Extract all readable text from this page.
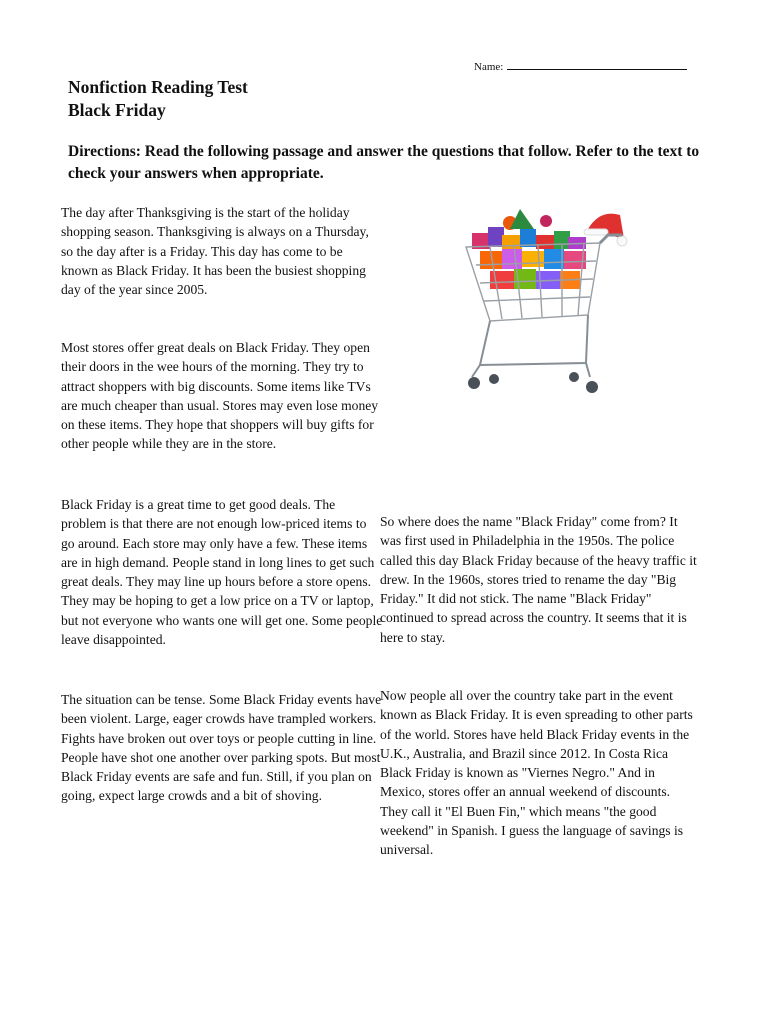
Name:
Nonfiction Reading Test
Black Friday
Directions: Read the following passage and answer the questions that follow. Refer to the text to check your answers when appropriate.

The day after Thanksgiving is the start of the holiday shopping season. Thanksgiving is always on a Thursday, so the day after is a Friday. This day has come to be known as Black Friday. It has been the busiest shopping day of the year since 2005.

Most stores offer great deals on Black Friday. They open their doors in the wee hours of the morning. They try to attract shoppers with big discounts. Some items like TVs are much cheaper than usual. Stores may even lose money on these items. They hope that shoppers will buy gifts for other people while they are in the store.

Black Friday is a great time to get good deals. The problem is that there are not enough low-priced items to go around. Each store may only have a few. These items are in high demand. People stand in long lines to get such great deals. They may line up hours before a store opens. They may be hoping to get a low price on a TV or laptop, but not everyone who wants one will get one. Some people leave disappointed.

The situation can be tense. Some Black Friday events have been violent. Large, eager crowds have trampled workers. Fights have broken out over toys or people cutting in line. People have shot one another over parking spots. But most Black Friday events are safe and fun. Still, if you plan on going, expect large crowds and a bit of shoving.

So where does the name "Black Friday" come from? It was first used in Philadelphia in the 1950s. The police called this day Black Friday because of the heavy traffic it drew. In the 1960s, stores tried to rename the day "Big Friday." It did not stick. The name "Black Friday" continued to spread across the country. It seems that it is here to stay.

Now people all over the country take part in the event known as Black Friday. It is even spreading to other parts of the world. Stores have held Black Friday events in the U.K., Australia, and Brazil since 2012. In Costa Rica Black Friday is known as "Viernes Negro." And in Mexico, stores offer an annual weekend of discounts. They call it "El Buen Fin," which means "the good weekend" in Spanish. I guess the language of savings is universal.
